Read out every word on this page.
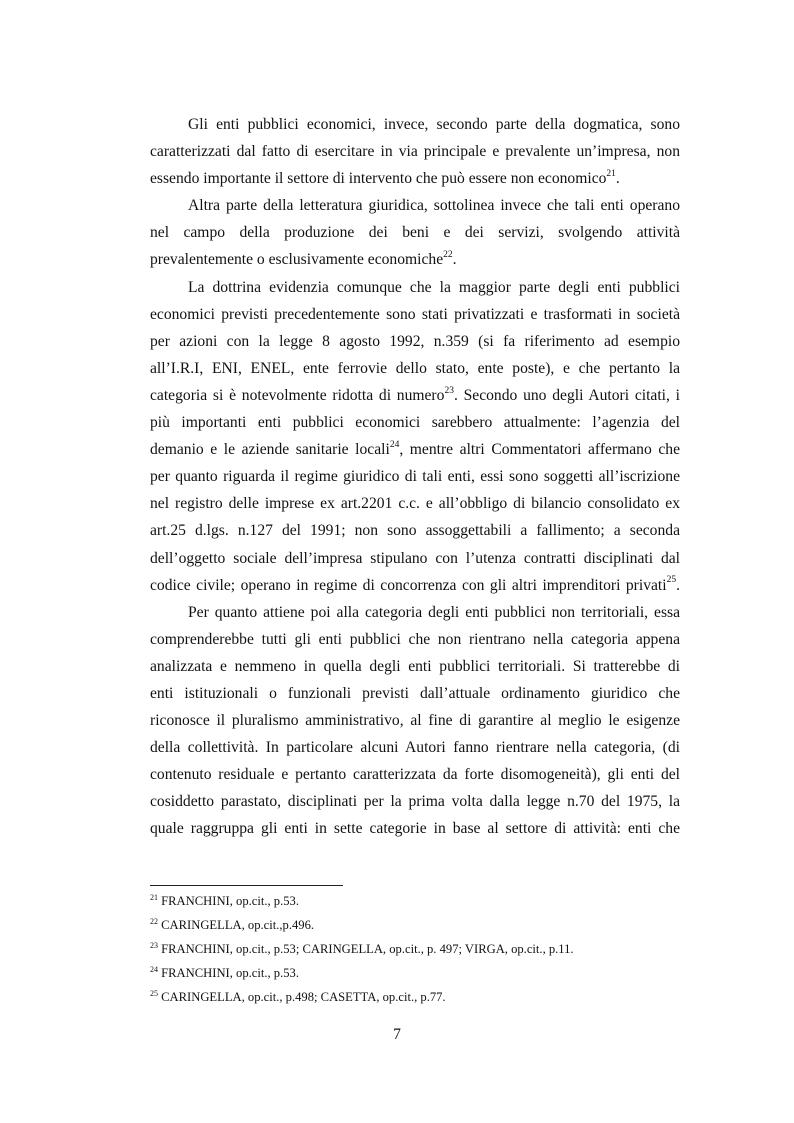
Gli enti pubblici economici, invece, secondo parte della dogmatica, sono
caratterizzati dal fatto di esercitare in via principale e prevalente un’impresa, non
essendo importante il settore di intervento che può essere non economico$^{21}$.
Altra parte della letteratura giuridica, sottolinea invece che tali enti operano
nel campo della produzione dei beni e dei servizi, svolgendo attività
prevalentemente o esclusivamente economiche$^{22}$.
La dottrina evidenzia comunque che la maggior parte degli enti pubblici
economici previsti precedentemente sono stati privatizzati e trasformati in società
per azioni con la legge 8 agosto 1992, n.359 (si fa riferimento ad esempio
all’I.R.I, ENI, ENEL, ente ferrovie dello stato, ente poste), e che pertanto la
categoria si è notevolmente ridotta di numero$^{23}$. Secondo uno degli Autori citati, i
più importanti enti pubblici economici sarebbero attualmente: l’agenzia del
demanio e le aziende sanitarie locali$^{24}$, mentre altri Commentatori affermano che
per quanto riguarda il regime giuridico di tali enti, essi sono soggetti all’iscrizione
nel registro delle imprese ex art.2201 c.c. e all’obbligo di bilancio consolidato ex
art.25 d.lgs. n.127 del 1991; non sono assoggettabili a fallimento; a seconda
dell’oggetto sociale dell’impresa stipulano con l’utenza contratti disciplinati dal
codice civile; operano in regime di concorrenza con gli altri imprenditori privati$^{25}$.
Per quanto attiene poi alla categoria degli enti pubblici non territoriali, essa
comprenderebbe tutti gli enti pubblici che non rientrano nella categoria appena
analizzata e nemmeno in quella degli enti pubblici territoriali. Si tratterebbe di
enti istituzionali o funzionali previsti dall’attuale ordinamento giuridico che
riconosce il pluralismo amministrativo, al fine di garantire al meglio le esigenze
della collettività. In particolare alcuni Autori fanno rientrare nella categoria, (di
contenuto residuale e pertanto caratterizzata da forte disomogeneità), gli enti del
cosiddetto parastato, disciplinati per la prima volta dalla legge n.70 del 1975, la
quale raggruppa gli enti in sette categorie in base al settore di attività: enti che
$^{21}$ FRANCHINI, op.cit., p.53.
$^{22}$ CARINGELLA, op.cit.,p.496.
$^{23}$ FRANCHINI, op.cit., p.53; CARINGELLA, op.cit., p. 497; VIRGA, op.cit., p.11.
$^{24}$ FRANCHINI, op.cit., p.53.
$^{25}$ CARINGELLA, op.cit., p.498; CASETTA, op.cit., p.77.
7
